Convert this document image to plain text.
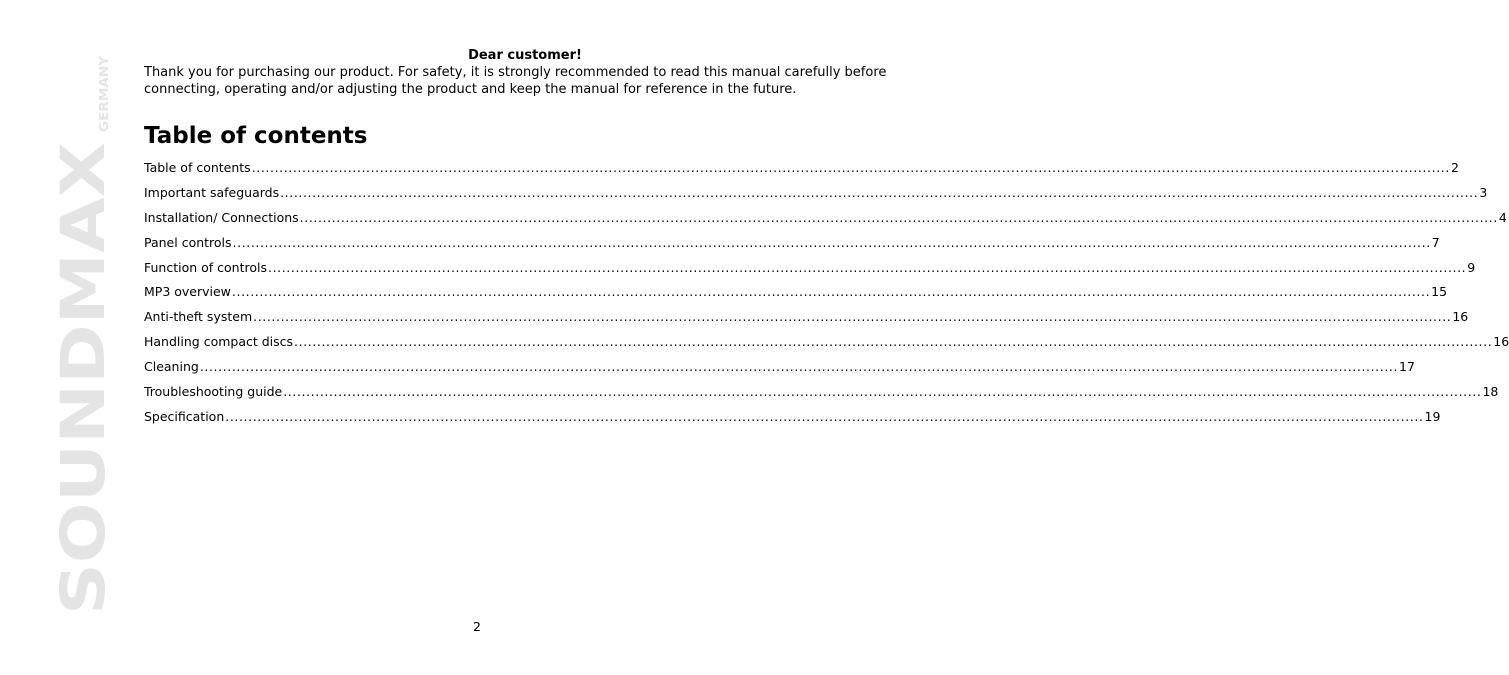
SOUNDMAX
GERMANY

Dear customer!

Thank you for purchasing our product. For safety, it is strongly recommended to read this manual carefully before connecting, operating and/or adjusting the product and keep the manual for reference in the future.

Table of contents
Table of contents .....	2
Important safeguards .....	3
Installation/ Connections .....	4
Panel controls .....	7
Function of controls .....	9
MP3 overview .....	15
Anti-theft system .....	16
Handling compact discs .....	16
Cleaning .....	17
Troubleshooting guide .....	18
Specification .....	19
2
